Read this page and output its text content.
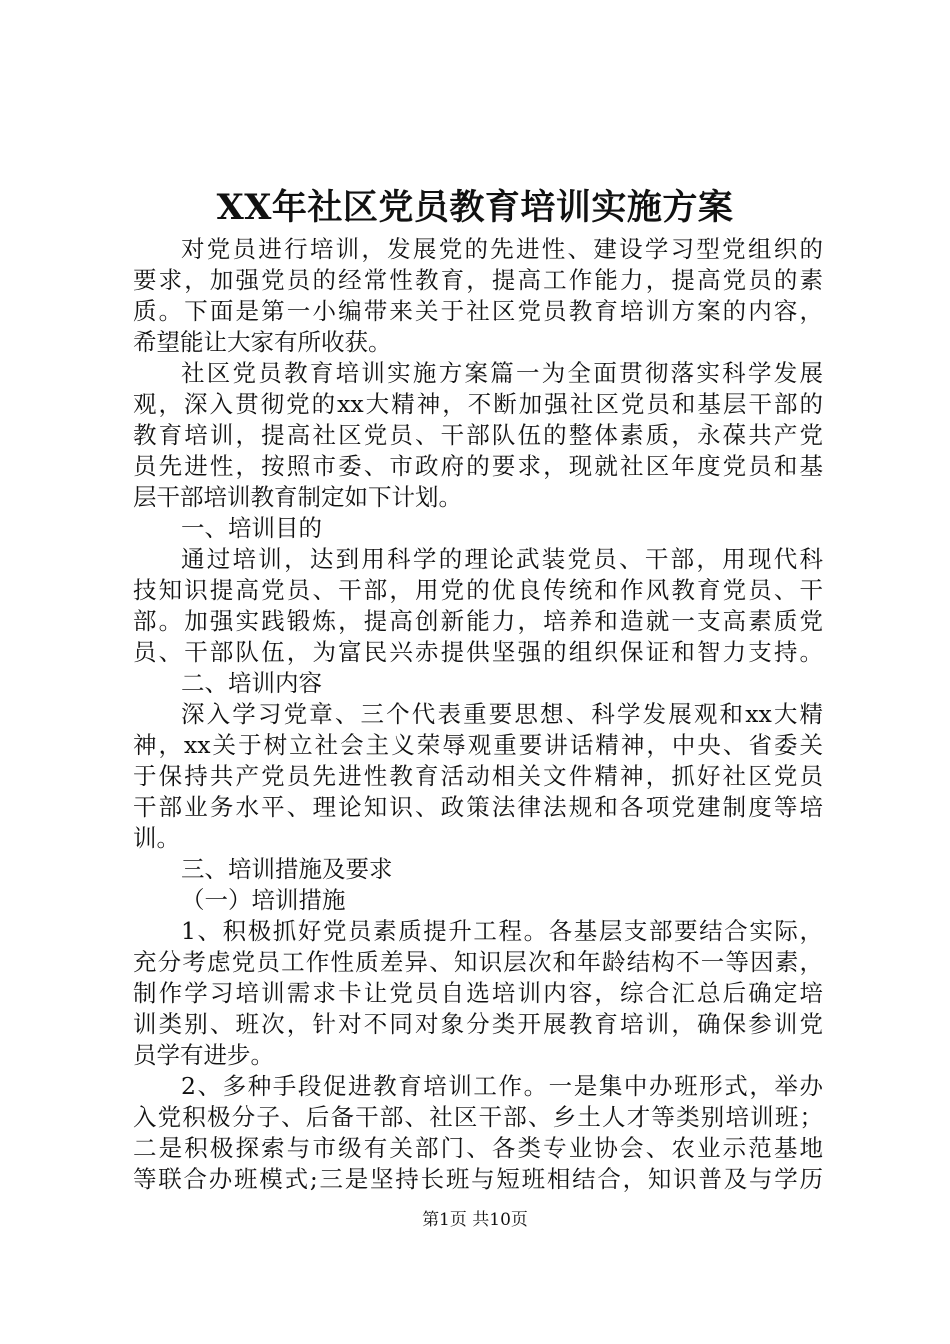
XX年社区党员教育培训实施方案
对党员进行培训，发展党的先进性、建设学习型党组织的
要求，加强党员的经常性教育，提高工作能力，提高党员的素
质。下面是第一小编带来关于社区党员教育培训方案的内容，
希望能让大家有所收获。
社区党员教育培训实施方案篇一为全面贯彻落实科学发展
观，深入贯彻党的xx大精神，不断加强社区党员和基层干部的
教育培训，提高社区党员、干部队伍的整体素质，永葆共产党
员先进性，按照市委、市政府的要求，现就社区年度党员和基
层干部培训教育制定如下计划。
一、培训目的
通过培训，达到用科学的理论武装党员、干部，用现代科
技知识提高党员、干部，用党的优良传统和作风教育党员、干
部。加强实践锻炼，提高创新能力，培养和造就一支高素质党
员、干部队伍，为富民兴赤提供坚强的组织保证和智力支持。
二、培训内容
深入学习党章、三个代表重要思想、科学发展观和xx大精
神，xx关于树立社会主义荣辱观重要讲话精神，中央、省委关
于保持共产党员先进性教育活动相关文件精神，抓好社区党员
干部业务水平、理论知识、政策法律法规和各项党建制度等培
训。
三、培训措施及要求
（一）培训措施
1、积极抓好党员素质提升工程。各基层支部要结合实际，
充分考虑党员工作性质差异、知识层次和年龄结构不一等因素，
制作学习培训需求卡让党员自选培训内容，综合汇总后确定培
训类别、班次，针对不同对象分类开展教育培训，确保参训党
员学有进步。
2、多种手段促进教育培训工作。一是集中办班形式，举办
入党积极分子、后备干部、社区干部、乡土人才等类别培训班；
二是积极探索与市级有关部门、各类专业协会、农业示范基地
等联合办班模式;三是坚持长班与短班相结合，知识普及与学历
第1页 共10页
